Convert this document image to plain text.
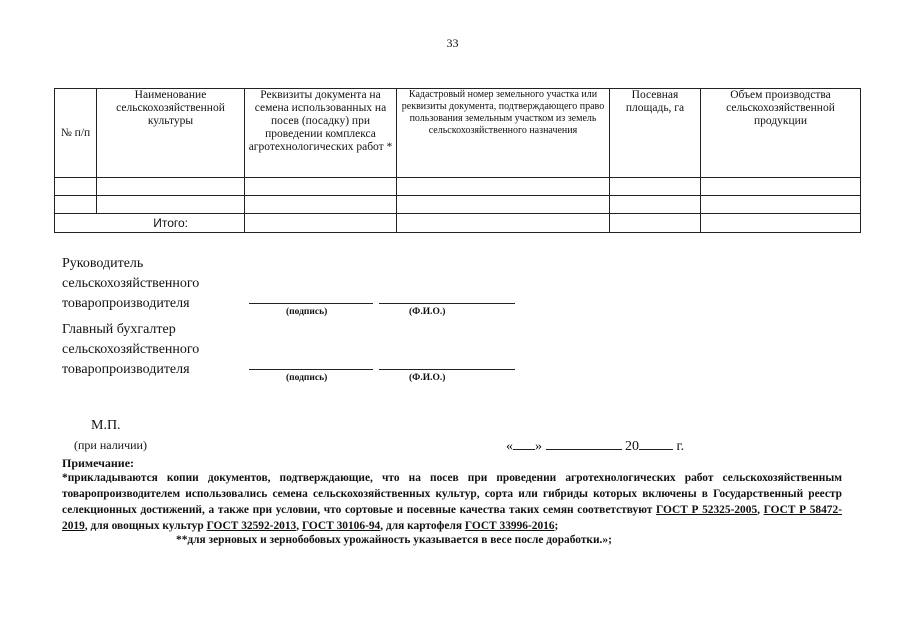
33
№ п/п	Наименование сельскохозяйственной культуры	Реквизиты документа на семена использованных на посев (посадку) при проведении комплекса агротехнологических работ *	Кадастровый номер земельного участка или реквизиты документа, подтверждающего право пользования земельным участком из земель сельскохозяйственного назначения	Посевная площадь, га	Объем производства сельскохозяйственной продукции

Итого:					
Руководитель
сельскохозяйственного
товаропроизводителя
(подпись)	(Ф.И.О.)
Главный бухгалтер
сельскохозяйственного
товаропроизводителя
(подпись)	(Ф.И.О.)
М.П.
(при наличии)	« »	20	г.
Примечание:
*прикладываются копии документов, подтверждающие, что на посев при проведении агротехнологических работ сельскохозяйственным товаропроизводителем использовались семена сельскохозяйственных культур, сорта или гибриды которых включены в Государственный реестр селекционных достижений, а также при условии, что сортовые и посевные качества таких семян соответствуют ГОСТ Р 52325-2005, ГОСТ Р 58472-2019, для овощных культур ГОСТ 32592-2013, ГОСТ 30106-94, для картофеля ГОСТ 33996-2016;
**для зерновых и зернобобовых урожайность указывается в весе после доработки.»;
